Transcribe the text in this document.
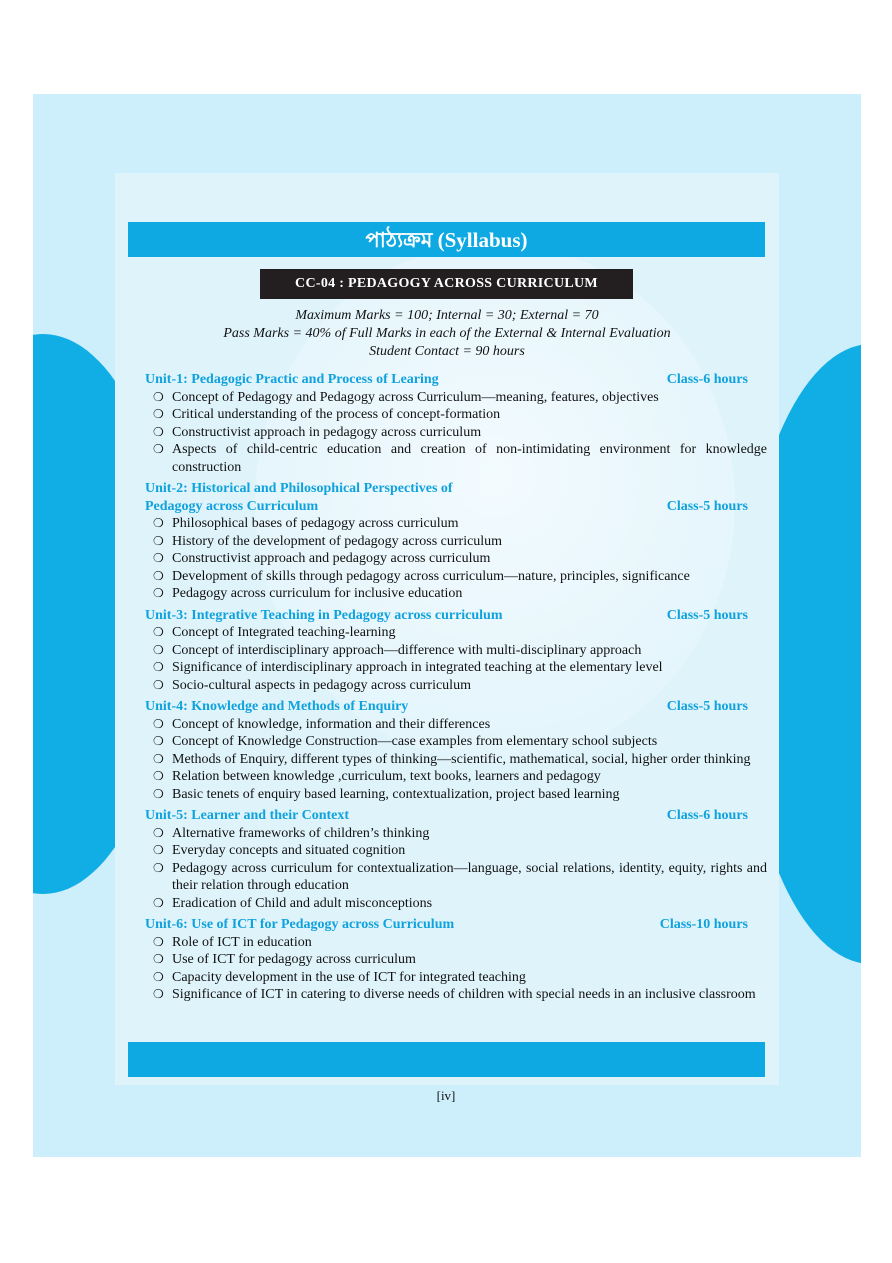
পাঠ্যক্রম (Syllabus)
CC-04 : PEDAGOGY ACROSS CURRICULUM
Maximum Marks = 100; Internal = 30; External = 70
Pass Marks = 40% of Full Marks in each of the External & Internal Evaluation
Student Contact = 90 hours
Unit-1: Pedagogic Practic and Process of Learing	Class-6 hours
❍ Concept of Pedagogy and Pedagogy across Curriculum—meaning, features, objectives
❍ Critical understanding of the process of concept-formation
❍ Constructivist approach in pedagogy across curriculum
❍ Aspects of child-centric education and creation of non-intimidating environment for knowledge construction
Unit-2: Historical and Philosophical Perspectives of
Pedagogy across Curriculum	Class-5 hours
❍ Philosophical bases of pedagogy across curriculum
❍ History of the development of pedagogy across curriculum
❍ Constructivist approach and pedagogy across curriculum
❍ Development of skills through pedagogy across curriculum—nature, principles, significance
❍ Pedagogy across curriculum for inclusive education
Unit-3: Integrative Teaching in Pedagogy across curriculum	Class-5 hours
❍ Concept of Integrated teaching-learning
❍ Concept of interdisciplinary approach—difference with multi-disciplinary approach
❍ Significance of interdisciplinary approach in integrated teaching at the elementary level
❍ Socio-cultural aspects in pedagogy across curriculum
Unit-4: Knowledge and Methods of Enquiry	Class-5 hours
❍ Concept of knowledge, information and their differences
❍ Concept of Knowledge Construction—case examples from elementary school subjects
❍ Methods of Enquiry, different types of thinking—scientific, mathematical, social, higher order thinking
❍ Relation between knowledge ,curriculum, text books, learners and pedagogy
❍ Basic tenets of enquiry based learning, contextualization, project based learning
Unit-5: Learner and their Context	Class-6 hours
❍ Alternative frameworks of children’s thinking
❍ Everyday concepts and situated cognition
❍ Pedagogy across curriculum for contextualization—language, social relations, identity, equity, rights and their relation through education
❍ Eradication of Child and adult misconceptions
Unit-6: Use of ICT for Pedagogy across Curriculum	Class-10 hours
❍ Role of ICT in education
❍ Use of ICT for pedagogy across curriculum
❍ Capacity development in the use of ICT for integrated teaching
❍ Significance of ICT in catering to diverse needs of children with special needs in an inclusive classroom
[iv]
